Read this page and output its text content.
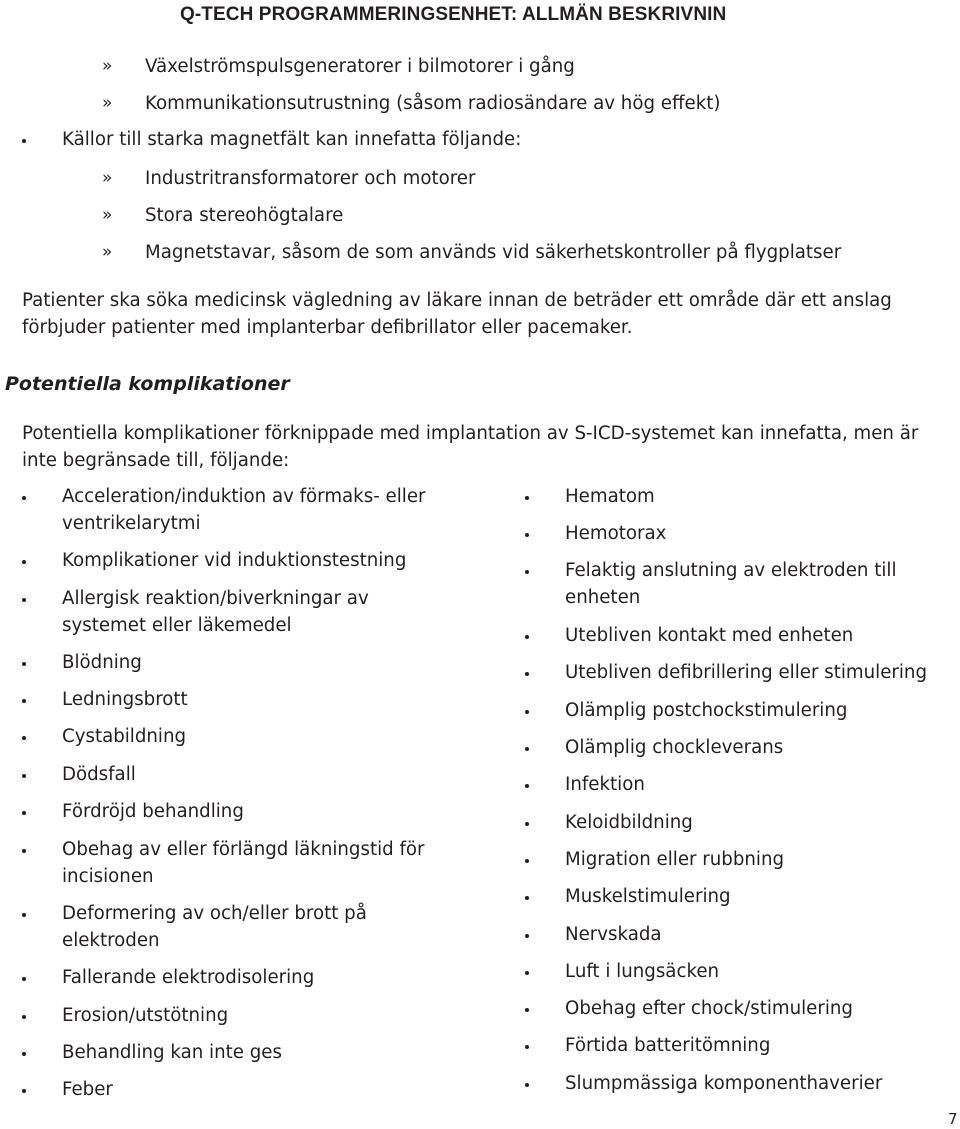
Q-TECH PROGRAMMERINGSENHET: ALLMÄN BESKRIVNIN
» Växelströmspulsgeneratorer i bilmotorer i gång
» Kommunikationsutrustning (såsom radiosändare av hög effekt)
Källor till starka magnetfält kan innefatta följande:
» Industritransformatorer och motorer
» Stora stereohögtalare
» Magnetstavar, såsom de som används vid säkerhetskontroller på flygplatser
Patienter ska söka medicinsk vägledning av läkare innan de beträder ett område där ett anslag
förbjuder patienter med implanterbar defibrillator eller pacemaker.
Potentiella komplikationer
Potentiella komplikationer förknippade med implantation av S-ICD-systemet kan innefatta, men är
inte begränsade till, följande:
Acceleration/induktion av förmaks- eller
ventrikelarytmi
Komplikationer vid induktionstestning
Allergisk reaktion/biverkningar av
systemet eller läkemedel
Blödning
Ledningsbrott
Cystabildning
Dödsfall
Fördröjd behandling
Obehag av eller förlängd läkningstid för
incisionen
Deformering av och/eller brott på
elektroden
Fallerande elektrodisolering
Erosion/utstötning
Behandling kan inte ges
Feber
Hematom
Hemotorax
Felaktig anslutning av elektroden till
enheten
Utebliven kontakt med enheten
Utebliven defibrillering eller stimulering
Olämplig postchockstimulering
Olämplig chockleverans
Infektion
Keloidbildning
Migration eller rubbning
Muskelstimulering
Nervskada
Luft i lungsäcken
Obehag efter chock/stimulering
Förtida batteritömning
Slumpmässiga komponenthaverier
7
